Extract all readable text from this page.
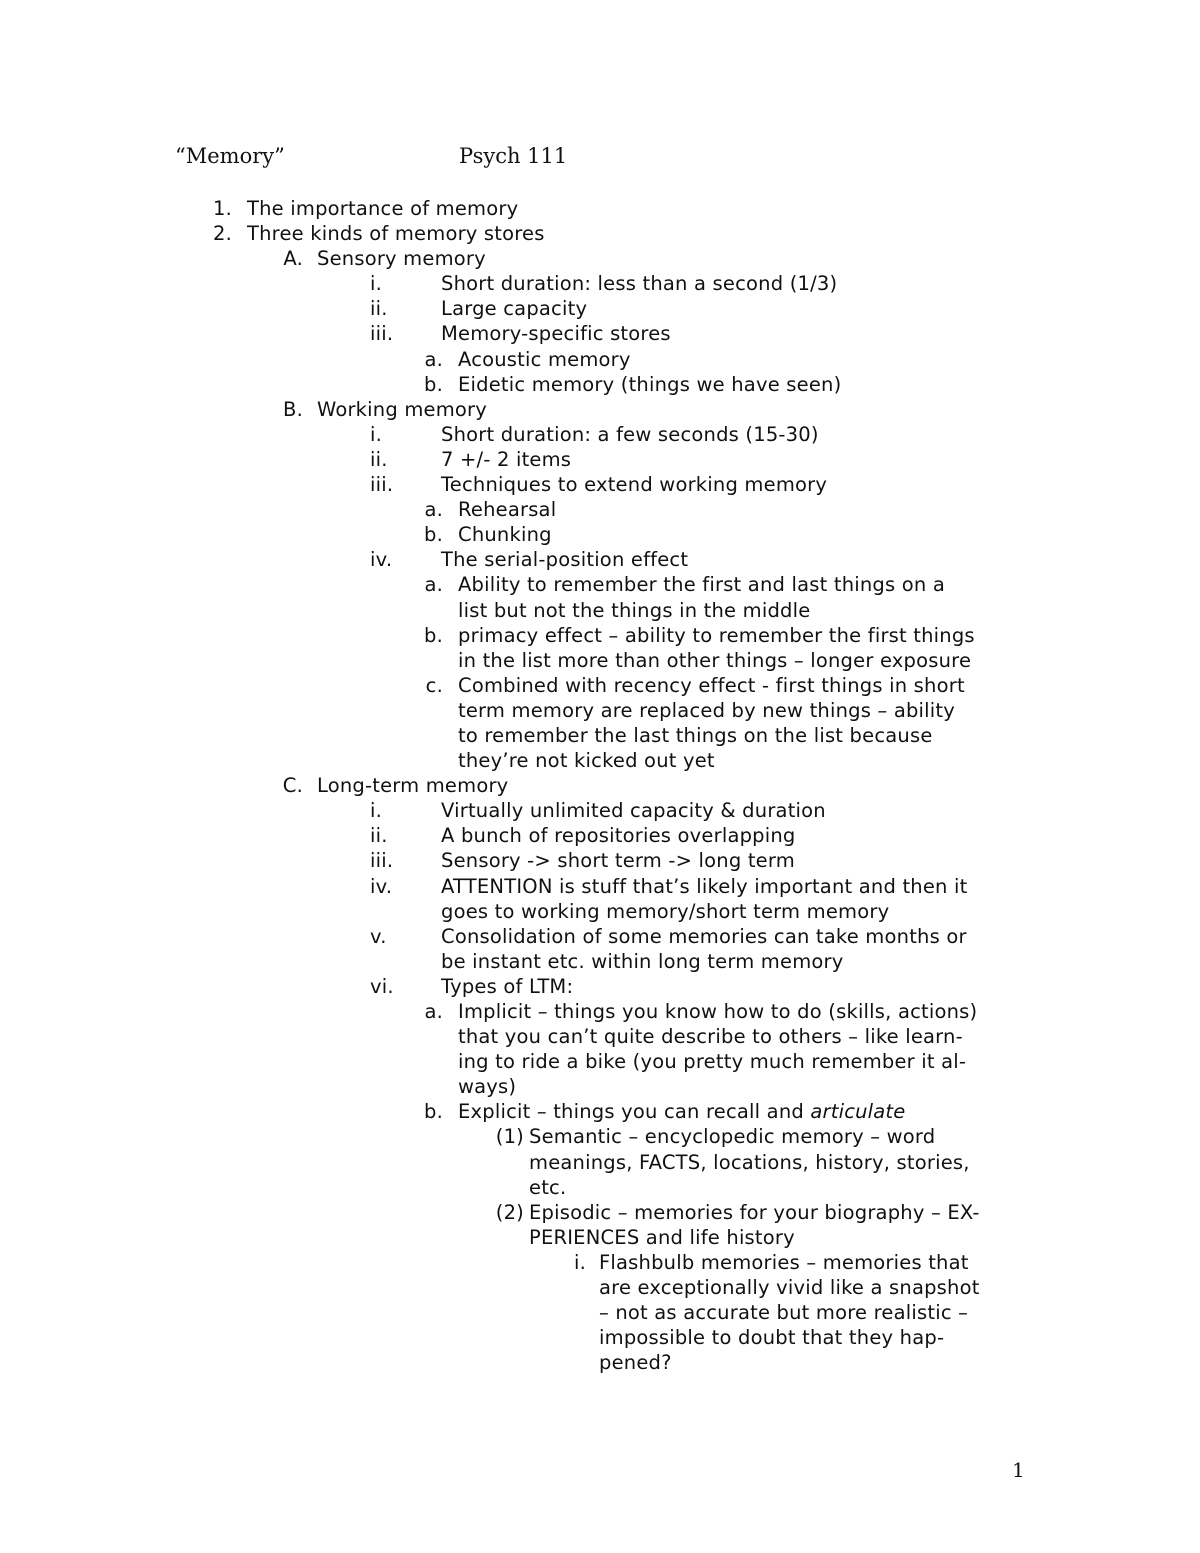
“Memory”	Psych 111
1. The importance of memory
2. Three kinds of memory stores
A. Sensory memory
i.	Short duration: less than a second (1/3)
ii.	Large capacity
iii. Memory-specific stores
a. Acoustic memory
b. Eidetic memory (things we have seen)
B. Working memory
i.	Short duration: a few seconds (15-30)
ii.	7 +/- 2 items
iii. Techniques to extend working memory
a. Rehearsal
b. Chunking
iv.	The serial-position effect
a. Ability to remember the first and last things on a
list but not the things in the middle
b. primacy effect – ability to remember the first things
in the list more than other things – longer exposure
c. Combined with recency effect - first things in short
term memory are replaced by new things – ability
to remember the last things on the list because
they’re not kicked out yet
C. Long-term memory
i.	Virtually unlimited capacity & duration
ii.	A bunch of repositories overlapping
iii. Sensory -> short term -> long term
iv.	ATTENTION is stuff that’s likely important and then it
goes to working memory/short term memory
v.	Consolidation of some memories can take months or
be instant etc. within long term memory
vi. Types of LTM:
a. Implicit – things you know how to do (skills, actions)
that you can’t quite describe to others – like learn-
ing to ride a bike (you pretty much remember it al-
ways)
b. Explicit – things you can recall and articulate
(1) Semantic – encyclopedic memory – word
meanings, FACTS, locations, history, stories,
etc.
(2) Episodic – memories for your biography – EX-
PERIENCES and life history
i. Flashbulb memories – memories that
are exceptionally vivid like a snapshot
– not as accurate but more realistic –
impossible to doubt that they hap-
pened?
1
